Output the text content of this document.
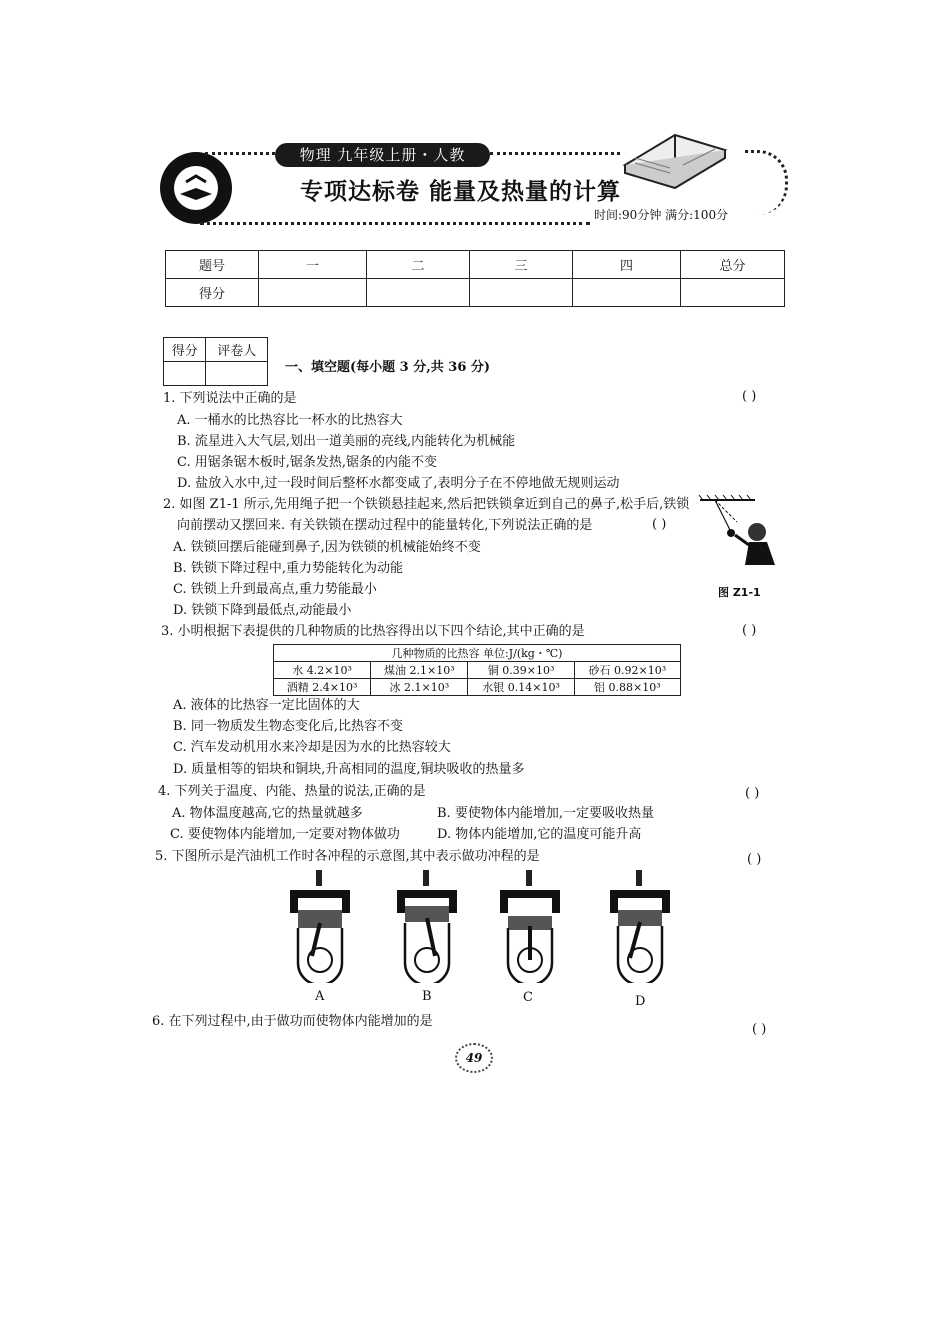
物理 九年级上册・人教
专项达标卷 能量及热量的计算
时间:90分钟 满分:100分
题号	一	二	三	四	总分
得分					
得分	评卷人

一、填空题(每小题 3 分,共 36 分)
1. 下列说法中正确的是	( )
A. 一桶水的比热容比一杯水的比热容大
B. 流星进入大气层,划出一道美丽的亮线,内能转化为机械能
C. 用锯条锯木板时,锯条发热,锯条的内能不变
D. 盐放入水中,过一段时间后整杯水都变咸了,表明分子在不停地做无规则运动
2. 如图 Z1-1 所示,先用绳子把一个铁锁悬挂起来,然后把铁锁拿近到自己的鼻子,松手后,铁锁
向前摆动又摆回来. 有关铁锁在摆动过程中的能量转化,下列说法正确的是	( )
A. 铁锁回摆后能碰到鼻子,因为铁锁的机械能始终不变
B. 铁锁下降过程中,重力势能转化为动能
C. 铁锁上升到最高点,重力势能最小
D. 铁锁下降到最低点,动能最小
图 Z1-1
3. 小明根据下表提供的几种物质的比热容得出以下四个结论,其中正确的是	( )
几种物质的比热容 单位:J/(kg・℃)			
水 4.2×10³	煤油 2.1×10³	铜 0.39×10³	砂石 0.92×10³
酒精 2.4×10³	冰 2.1×10³	水银 0.14×10³	铝 0.88×10³
A. 液体的比热容一定比固体的大
B. 同一物质发生物态变化后,比热容不变
C. 汽车发动机用水来冷却是因为水的比热容较大
D. 质量相等的铝块和铜块,升高相同的温度,铜块吸收的热量多
4. 下列关于温度、内能、热量的说法,正确的是	( )
A. 物体温度越高,它的热量就越多	B. 要使物体内能增加,一定要吸收热量
C. 要使物体内能增加,一定要对物体做功	D. 物体内能增加,它的温度可能升高
5. 下图所示是汽油机工作时各冲程的示意图,其中表示做功冲程的是	( )
A	B	C	D
6. 在下列过程中,由于做功而使物体内能增加的是
( )
49
